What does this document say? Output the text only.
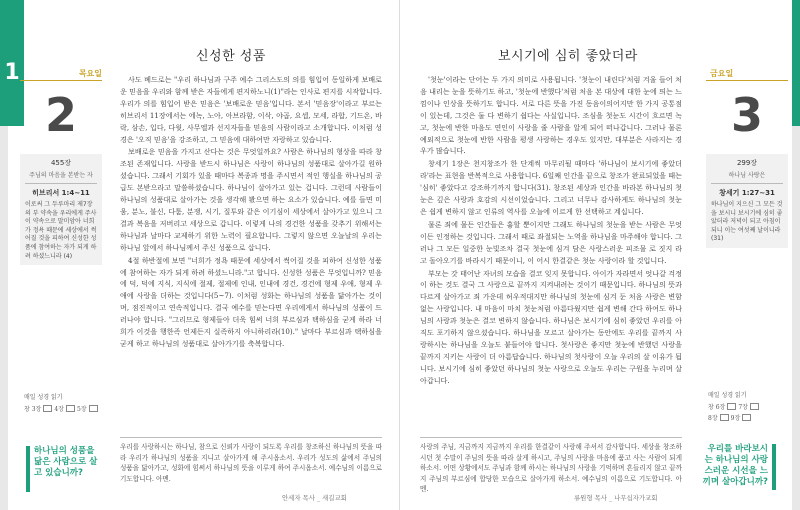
1	목요일
2
455장
주님의 마음을 본받는 자
히브리서 1:4~11
이로써 그 두루마리 제7장의 부 약속을 우리에게 주사 이 약속으로 말미암아 너희가 정욕 때문에 세상에서 썩어질 것을 피하여 신성한 성품에 참여하는 자가 되게 하려 하셨느니라 (4)
매일 성경 읽기
창 3장 4장 5장
하나님의 성품을 닮은 사람으로 살고 있습니까?
신성한 성품

사도 베드로는 "우리 하나님과 구주 예수 그리스도의 의를 힘입어 동일하게 보배로운 믿음을 우리와 함께 받은 자들에게 편지하노니(1)"라는 인사로 편지를 시작합니다. 우리가 의를 힘입어 받은 믿음은 '보배로운 믿음'입니다. 본서 '믿음장'이라고 부르는 히브리서 11장에서는 에녹, 노아, 아브라함, 이삭, 야곱, 요셉, 모세, 라합, 기드온, 바락, 삼손, 입다, 다윗, 사무엘과 선지자들을 믿음의 사람이라고 소개합니다. 이처럼 성경은 '오직 믿음'을 강조하고, 그 믿음에 대하여만 자랑하고 있습니다.

보배로운 믿음을 가지고 산다는 것은 무엇일까요? 사람은 하나님의 형상을 따라 창조된 존재입니다. 사랑을 받드시 하나님은 사랑이 하나님의 성품대로 살아가길 원하셨습니다. 그래서 기회가 있을 때마다 복종과 명을 주시면서 적인 행실을 하나님의 공급도 본받으라고 말씀하셨습니다. 하나님이 살아가고 있는 겁니다. 그런데 사람들이 하나님의 성품대로 살아가는 것을 생각해 봤으면 하는 요소가 있습니다. 예를 들면 미움, 분노, 불신, 다툼, 분쟁, 시기, 질투와 같은 이기심이 세상에서 살아가고 있으니 그 결과 복음을 저버리고 세상으로 갑니다. 이렇게 나의 경건한 성품을 갖추기 위해서는 하나님과 날마다 교제하기 위한 노력이 필요합니다. 그렇지 않으면 오늘날의 우리는 하나님 앞에서 하나님께서 주신 성품으로 삽니다.

4절 하반절에 보면 "너희가 정욕 때문에 세상에서 썩어질 것을 피하여 신성한 성품에 참여하는 자가 되게 하려 하셨느니라."고 합니다. 신성한 성품은 무엇입니까? 믿음에 덕, 덕에 지식, 지식에 절제, 절제에 인내, 인내에 경건, 경건에 형제 우애, 형제 우애에 사랑을 더하는 것입니다(5~7). 이처럼 성화는 하나님의 성품을 닮아가는 것이며, 점진적이고 연속적입니다. 결국 예수를 믿는다면 우리에게서 하나님의 성품이 드러나야 합니다. "그리므로 형제들아 더욱 힘써 너희 부르심과 택하심을 굳게 하라 너희가 이것을 행한즉 언제든지 실족하지 아니하리라(10)." 날마다 부르심과 택하심을 굳게 하고 하나님의 성품대로 살아가기를 축복합니다.

우리를 사랑하시는 하나님, 참으로 신뢰가 사랑이 되도록 우리를 창조하신 하나님의 뜻을 따라 우리가 하나님의 성품을 지니고 살아가게 해 주시옵소서. 우리가 성도의 삶에서 주님의 성품을 닮아가고, 성화에 힘써서 하나님의 뜻을 이루게 하여 주시옵소서. 예수님의 이름으로 기도합니다. 아멘.
안세자 목사 _ 새길교회
보시기에 심히 좋았더라

'첫눈'이라는 단어는 두 가지 의미로 사용됩니다. '첫눈이 내린다'처럼 겨울 들어 처음 내리는 눈을 뜻하기도 하고, '첫눈에 반했다'처럼 처음 본 대상에 대한 눈에 띄는 느낌이나 인상을 뜻하기도 합니다. 서로 다른 뜻을 가진 동음이의어지만 한 가지 공통점이 있는데, 그것은 둘 다 변하기 쉽다는 사실입니다. 조심을 첫눈도 시간이 흐르면 녹고, 첫눈에 반한 마음도 연인이 사랑을 줄 사람을 알게 되어 떠나갑니다. 그러나 물론 예외적으로 첫눈에 반한 사람을 평생 사랑하는 경우도 있지만, 대부분은 사라지는 경우가 많습니다.

창세기 1장은 천지창조가 한 단계씩 마무리될 때마다 '하나님이 보시기에 좋았더라'라는 표현을 반복적으로 사용합니다. 6일째 인간을 끝으로 창조가 완료되었을 때는 '심히' 좋았다고 강조하기까지 합니다(31). 창조된 세상과 인간을 바라본 하나님의 첫눈은 깊은 사랑과 호감의 시선이었습니다. 그리고 너무나 감사하게도 하나님의 첫눈은 쉽게 변하지 않고 인류의 역사를 오늘에 이르게 한 선택하고 계십니다.

물론 죄에 물든 인간들은 흉할 뿐이지만 그래도 하나님의 첫눈을 받는 사람은 무엇이든 인정하는 것입니다. 그래서 때로 좌절되는 노역을 하나님을 마주해야 합니다. 그러나 그 모든 일중한 눈빛조차 결국 첫눈에 심겨 담은 사랑스러운 피조물 로 짓지 라고 돌아오기를 바라시기 때문이니, 이 어시 한결같은 첫눈 사랑이라 할 것입니다.

부모는 갓 태어난 자녀의 모습을 결코 잊지 못합니다. 아이가 자라면서 엇나갈 걱정이 하는 것도 결국 그 사랑으로 끝까지 지켜내려는 것이기 때문입니다. 하나님의 뜻과 다르게 살아가고 죄 가운데 허우적대지만 하나님의 첫눈에 심겨 둔 처음 사랑은 변함없는 사랑입니다. 내 마음이 마치 첫눈처럼 아름다웠지만 쉽게 변해 간다 하여도 하나님의 사랑과 첫눈은 결코 변하지 않습니다. 하나님은 보시기에 심히 좋았던 우리를 아직도 포기하지 않으셨습니다. 하나님을 모르고 살아가는 동안에도 우리를 끝까지 사랑하시는 하나님을 오늘도 붙들어야 합니다. 첫사랑은 좋지만 첫눈에 반했던 사랑을 끝까지 지키는 사랑이 더 아름답습니다. 하나님의 첫사랑이 오늘 우리의 살 이유가 됩니다. 보시기에 심히 좋았던 하나님의 첫눈 사랑으로 오늘도 우리는 구원을 누리며 살아갑니다.

사랑의 주님, 지금까지 지금까지 우리를 한결같이 사랑해 주셔서 감사합니다. 세상을 창조하시던 첫 수말이 주님의 뜻을 따라 살게 하시고, 주님의 사랑을 마음에 품고 사는 사람이 되게 하소서. 어떤 상황에서도 주님과 함께 하시는 하나님의 사랑을 기억하며 흔들리지 않고 끝까지 주님의 부르심에 합당한 모습으로 살아가게 하소서. 예수님의 이름으로 기도합니다. 아멘.
류원형 목사 _ 나무십자가교회
금요일
3
299장
하나님 사랑은
창세기 1:27~31
하나님이 지으신 그 모든 것을 보시니 보시기에 심히 좋았더라 저녁이 되고 아침이 되니 이는 여섯째 날이니라 (31)
매일 성경 읽기
창 6장 7장
8장 9장
우리를 바라보시는 하나님의 사랑스러운 시선을 느끼며 살아갑니까?
